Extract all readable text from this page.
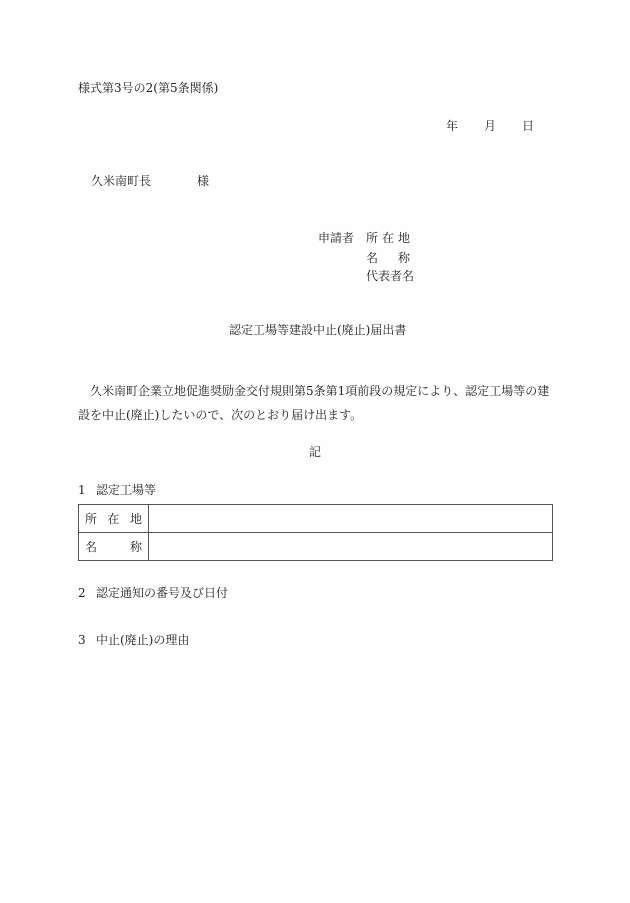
様式第3号の2(第5条関係)
年 月 日
久米南町長	様
申請者 所 在 地
名 称
代表者名
認定工場等建設中止(廃止)届出書
久米南町企業立地促進奨励金交付規則第5条第1項前段の規定により、認定工場等の建設を中止(廃止)したいので、次のとおり届け出ます。
記
1 認定工場等
所 在 地	

名 称	

2 認定通知の番号及び日付
3 中止(廃止)の理由
